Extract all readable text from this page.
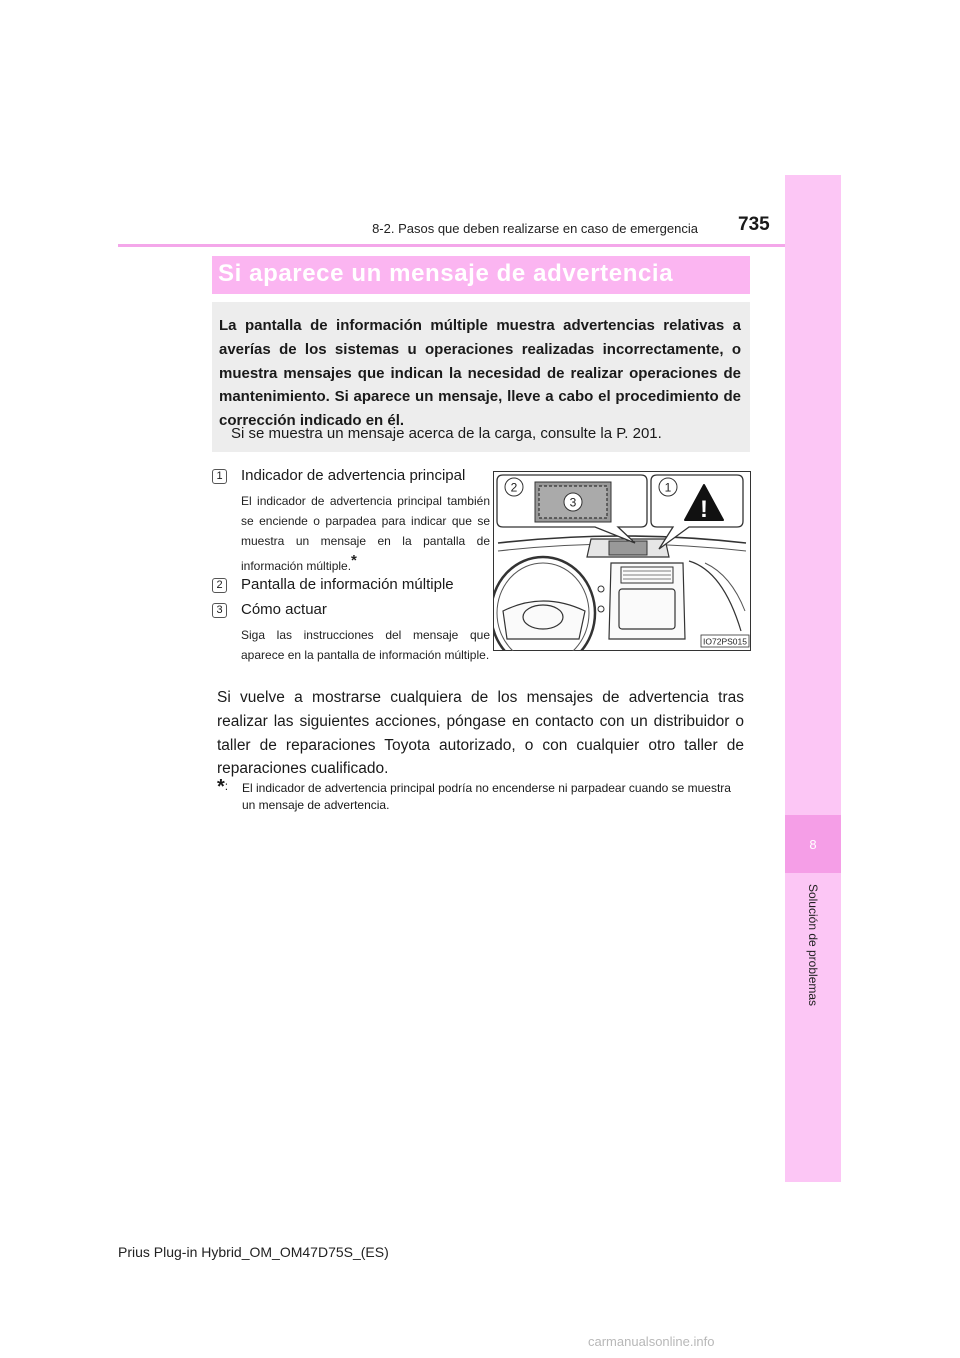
8
Solución de problemas
8-2. Pasos que deben realizarse en caso de emergencia 735
Si aparece un mensaje de advertencia

La pantalla de información múltiple muestra advertencias relativas a averías de los sistemas u operaciones realizadas incorrectamente, o muestra mensajes que indican la necesidad de realizar operaciones de mantenimiento. Si aparece un mensaje, lleve a cabo el procedimiento de corrección indicado en él.

Si se muestra un mensaje acerca de la carga, consulte la P. 201.

1 Indicador de advertencia principal

El indicador de advertencia principal también se enciende o parpadea para indicar que se muestra un mensaje en la pantalla de información múltiple.*

2 Pantalla de información múltiple
3 Cómo actuar

Siga las instrucciones del mensaje que aparece en la pantalla de información múltiple.

IO72PS015
3
2
!
1

Si vuelve a mostrarse cualquiera de los mensajes de advertencia tras realizar las siguientes acciones, póngase en contacto con un distribuidor o taller de reparaciones Toyota autorizado, o con cualquier otro taller de reparaciones cualificado.

*: El indicador de advertencia principal podría no encenderse ni parpadear cuando se muestra un mensaje de advertencia.
Prius Plug-in Hybrid_OM_OM47D75S_(ES)
carmanualsonline.info
